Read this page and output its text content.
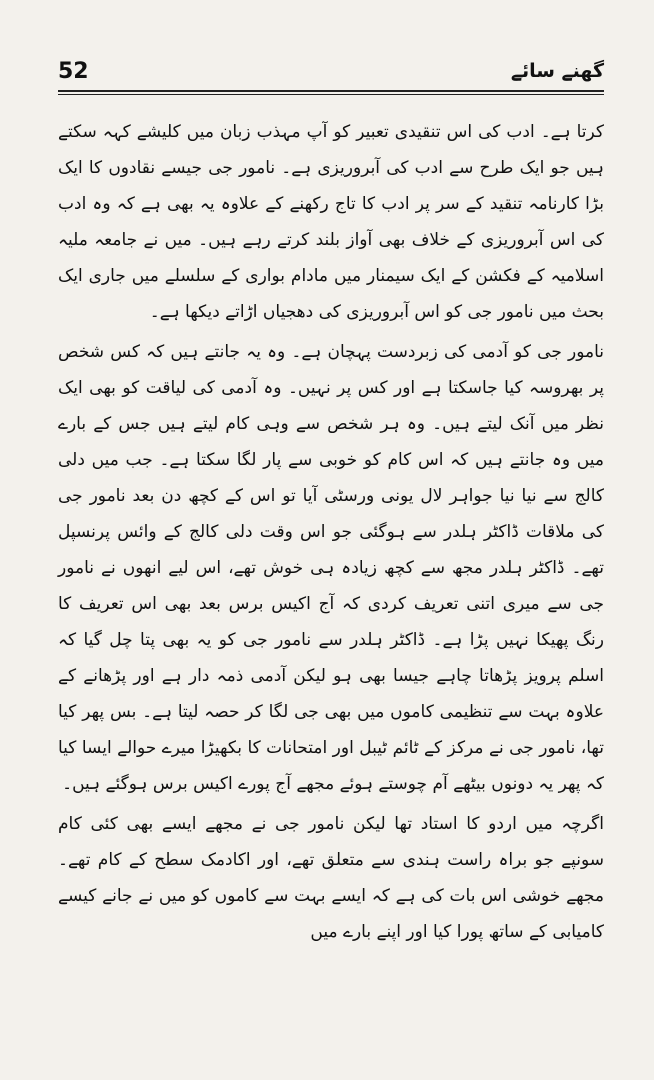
52	گھنے سائے

کرتا ہے۔ ادب کی اس تنقیدی تعبیر کو آپ مہذب زبان میں کلیشے کہہ سکتے ہیں جو ایک طرح سے ادب کی آبروریزی ہے۔ نامور جی جیسے نقادوں کا ایک بڑا کارنامہ تنقید کے سر پر ادب کا تاج رکھنے کے علاوہ یہ بھی ہے کہ وہ ادب کی اس آبروریزی کے خلاف بھی آواز بلند کرتے رہے ہیں۔ میں نے جامعہ ملیہ اسلامیہ کے فکشن کے ایک سیمنار میں مادام بواری کے سلسلے میں جاری ایک بحث میں نامور جی کو اس آبروریزی کی دھجیاں اڑاتے دیکھا ہے۔

نامور جی کو آدمی کی زبردست پہچان ہے۔ وہ یہ جانتے ہیں کہ کس شخص پر بھروسہ کیا جاسکتا ہے اور کس پر نہیں۔ وہ آدمی کی لیاقت کو بھی ایک نظر میں آنک لیتے ہیں۔ وہ ہر شخص سے وہی کام لیتے ہیں جس کے بارے میں وہ جانتے ہیں کہ اس کام کو خوبی سے پار لگا سکتا ہے۔ جب میں دلی کالج سے نیا نیا جواہر لال یونی ورسٹی آیا تو اس کے کچھ دن بعد نامور جی کی ملاقات ڈاکٹر ہلدر سے ہوگئی جو اس وقت دلی کالج کے وائس پرنسپل تھے۔ ڈاکٹر ہلدر مجھ سے کچھ زیادہ ہی خوش تھے، اس لیے انھوں نے نامور جی سے میری اتنی تعریف کردی کہ آج اکیس برس بعد بھی اس تعریف کا رنگ پھیکا نہیں پڑا ہے۔ ڈاکٹر ہلدر سے نامور جی کو یہ بھی پتا چل گیا کہ اسلم پرویز پڑھاتا چاہے جیسا بھی ہو لیکن آدمی ذمہ دار ہے اور پڑھانے کے علاوہ بہت سے تنظیمی کاموں میں بھی جی لگا کر حصہ لیتا ہے۔ بس پھر کیا تھا، نامور جی نے مرکز کے ٹائم ٹیبل اور امتحانات کا بکھیڑا میرے حوالے ایسا کیا کہ پھر یہ دونوں بیٹھے آم چوستے ہوئے مجھے آج پورے اکیس برس ہوگئے ہیں۔

اگرچہ میں اردو کا استاد تھا لیکن نامور جی نے مجھے ایسے بھی کئی کام سونپے جو براہ راست ہندی سے متعلق تھے، اور اکادمک سطح کے کام تھے۔ مجھے خوشی اس بات کی ہے کہ ایسے بہت سے کاموں کو میں نے جانے کیسے کامیابی کے ساتھ پورا کیا اور اپنے بارے میں
